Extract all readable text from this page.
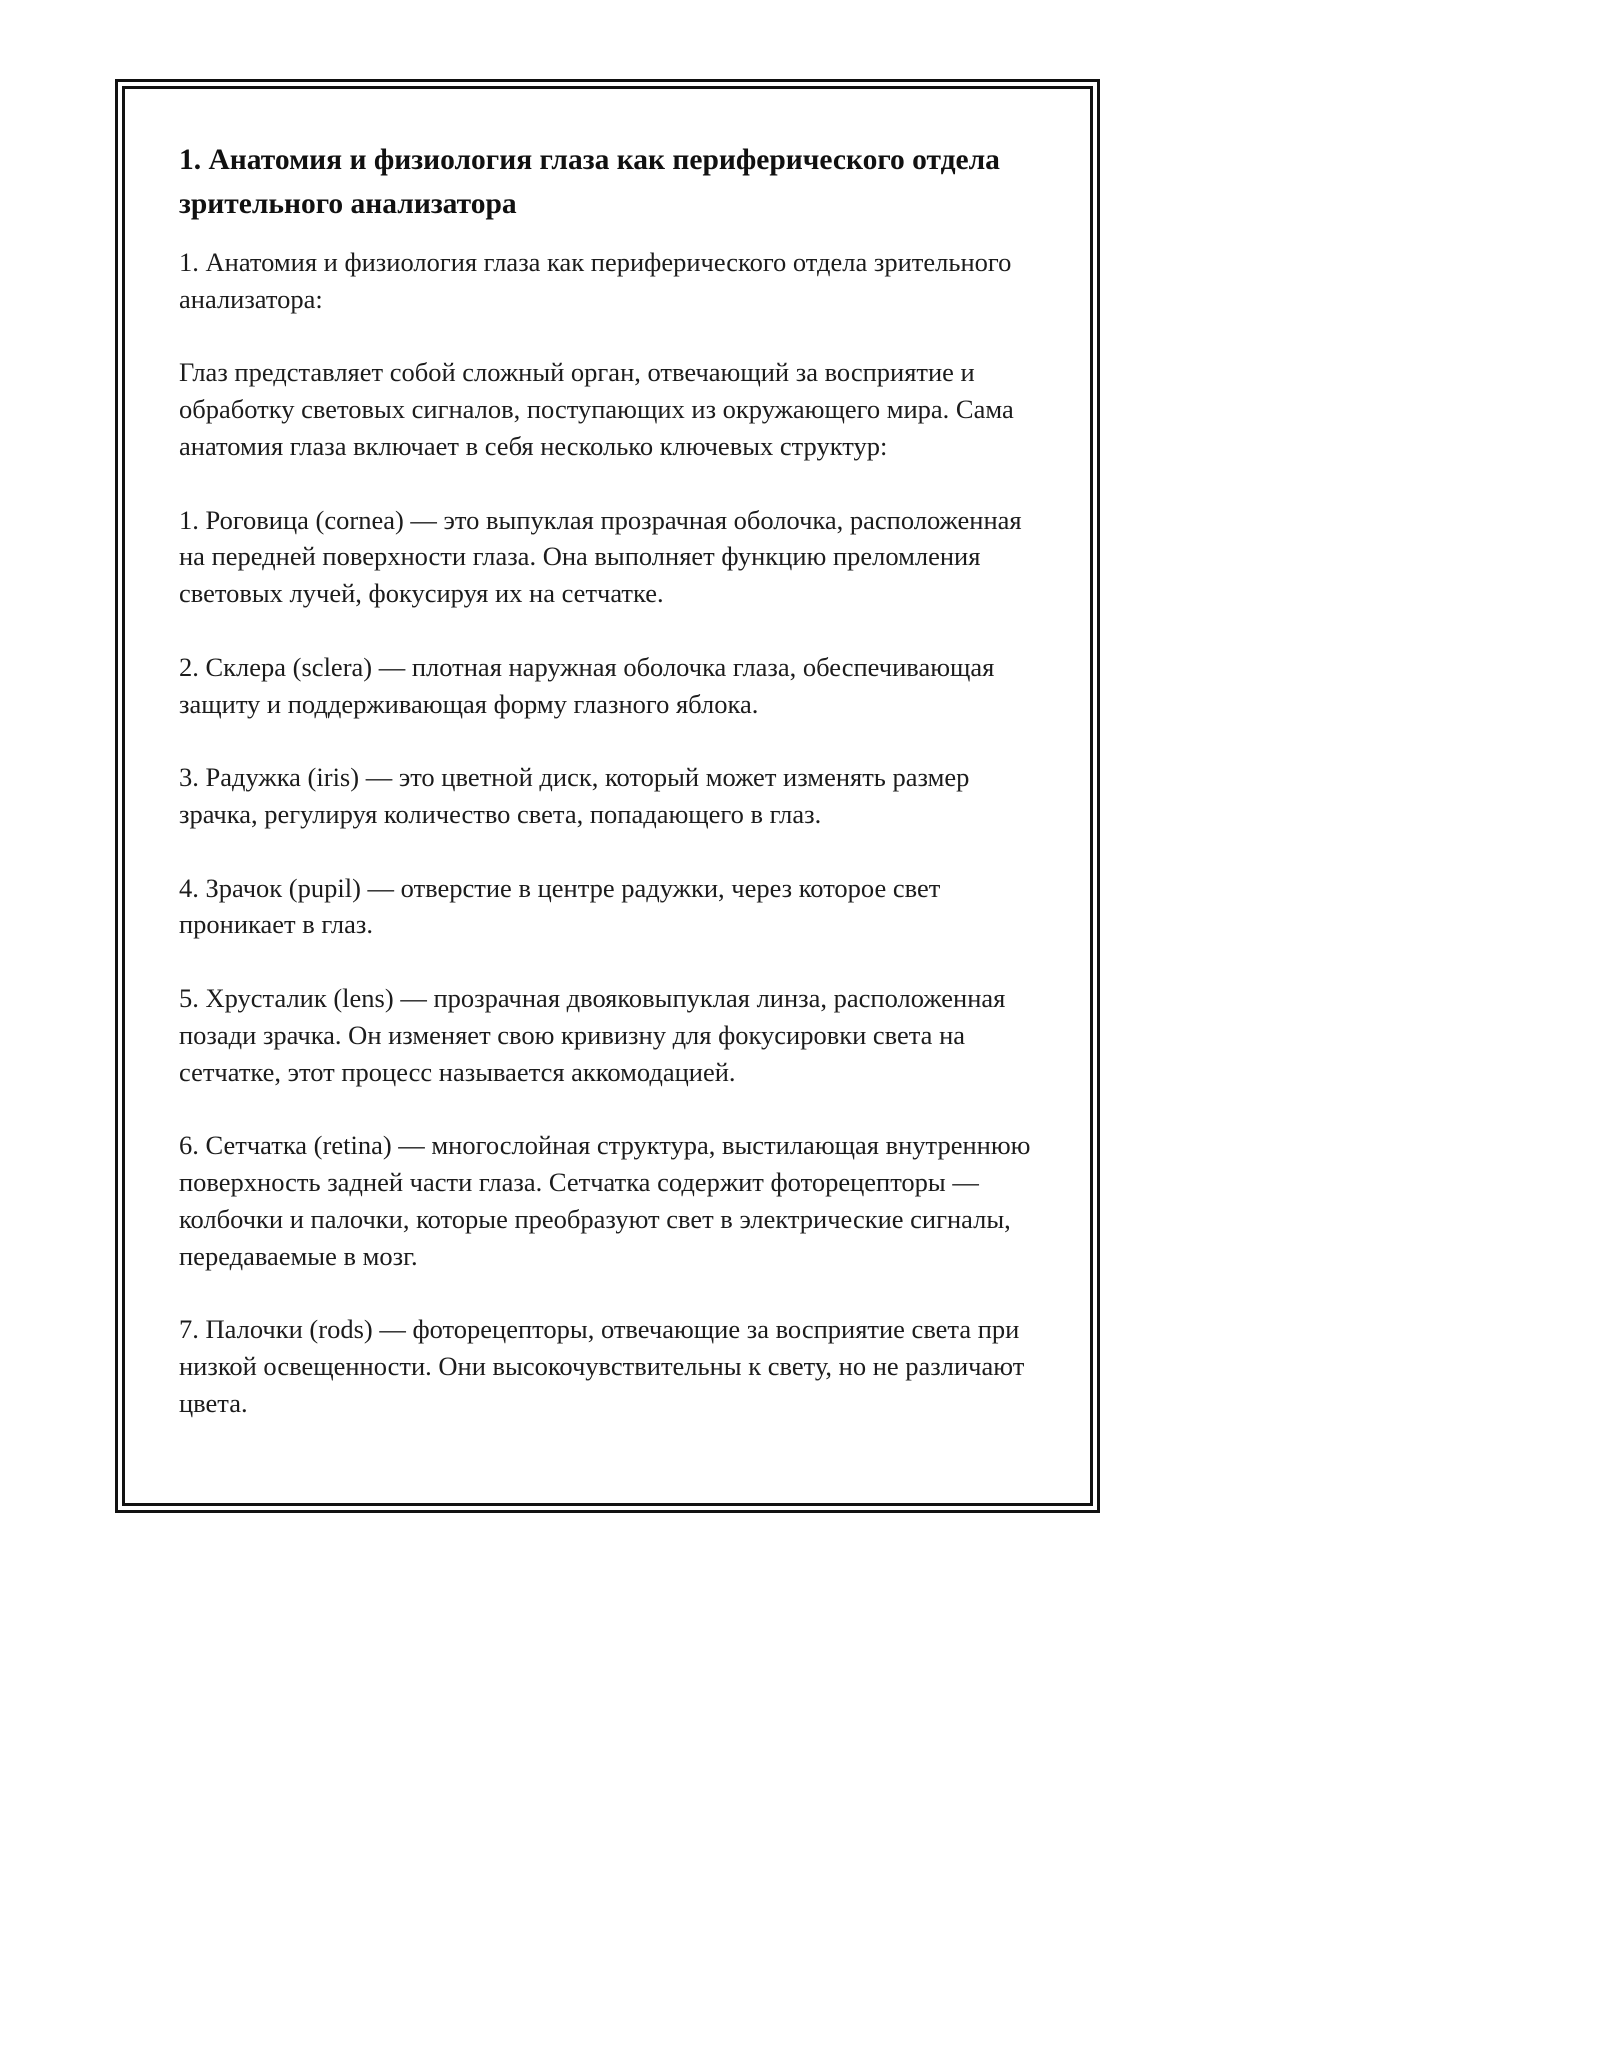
1. Анатомия и физиология глаза как периферического отдела зрительного анализатора

1. Анатомия и физиология глаза как периферического отдела зрительного анализатора:

Глаз представляет собой сложный орган, отвечающий за восприятие и обработку световых сигналов, поступающих из окружающего мира. Сама анатомия глаза включает в себя несколько ключевых структур:

1. Роговица (cornea) — это выпуклая прозрачная оболочка, расположенная на передней поверхности глаза. Она выполняет функцию преломления световых лучей, фокусируя их на сетчатке.

2. Склера (sclera) — плотная наружная оболочка глаза, обеспечивающая защиту и поддерживающая форму глазного яблока.

3. Радужка (iris) — это цветной диск, который может изменять размер зрачка, регулируя количество света, попадающего в глаз.

4. Зрачок (pupil) — отверстие в центре радужки, через которое свет проникает в глаз.

5. Хрусталик (lens) — прозрачная двояковыпуклая линза, расположенная позади зрачка. Он изменяет свою кривизну для фокусировки света на сетчатке, этот процесс называется аккомодацией.

6. Сетчатка (retina) — многослойная структура, выстилающая внутреннюю поверхность задней части глаза. Сетчатка содержит фоторецепторы — колбочки и палочки, которые преобразуют свет в электрические сигналы, передаваемые в мозг.

7. Палочки (rods) — фоторецепторы, отвечающие за восприятие света при низкой освещенности. Они высокочувствительны к свету, но не различают цвета.
